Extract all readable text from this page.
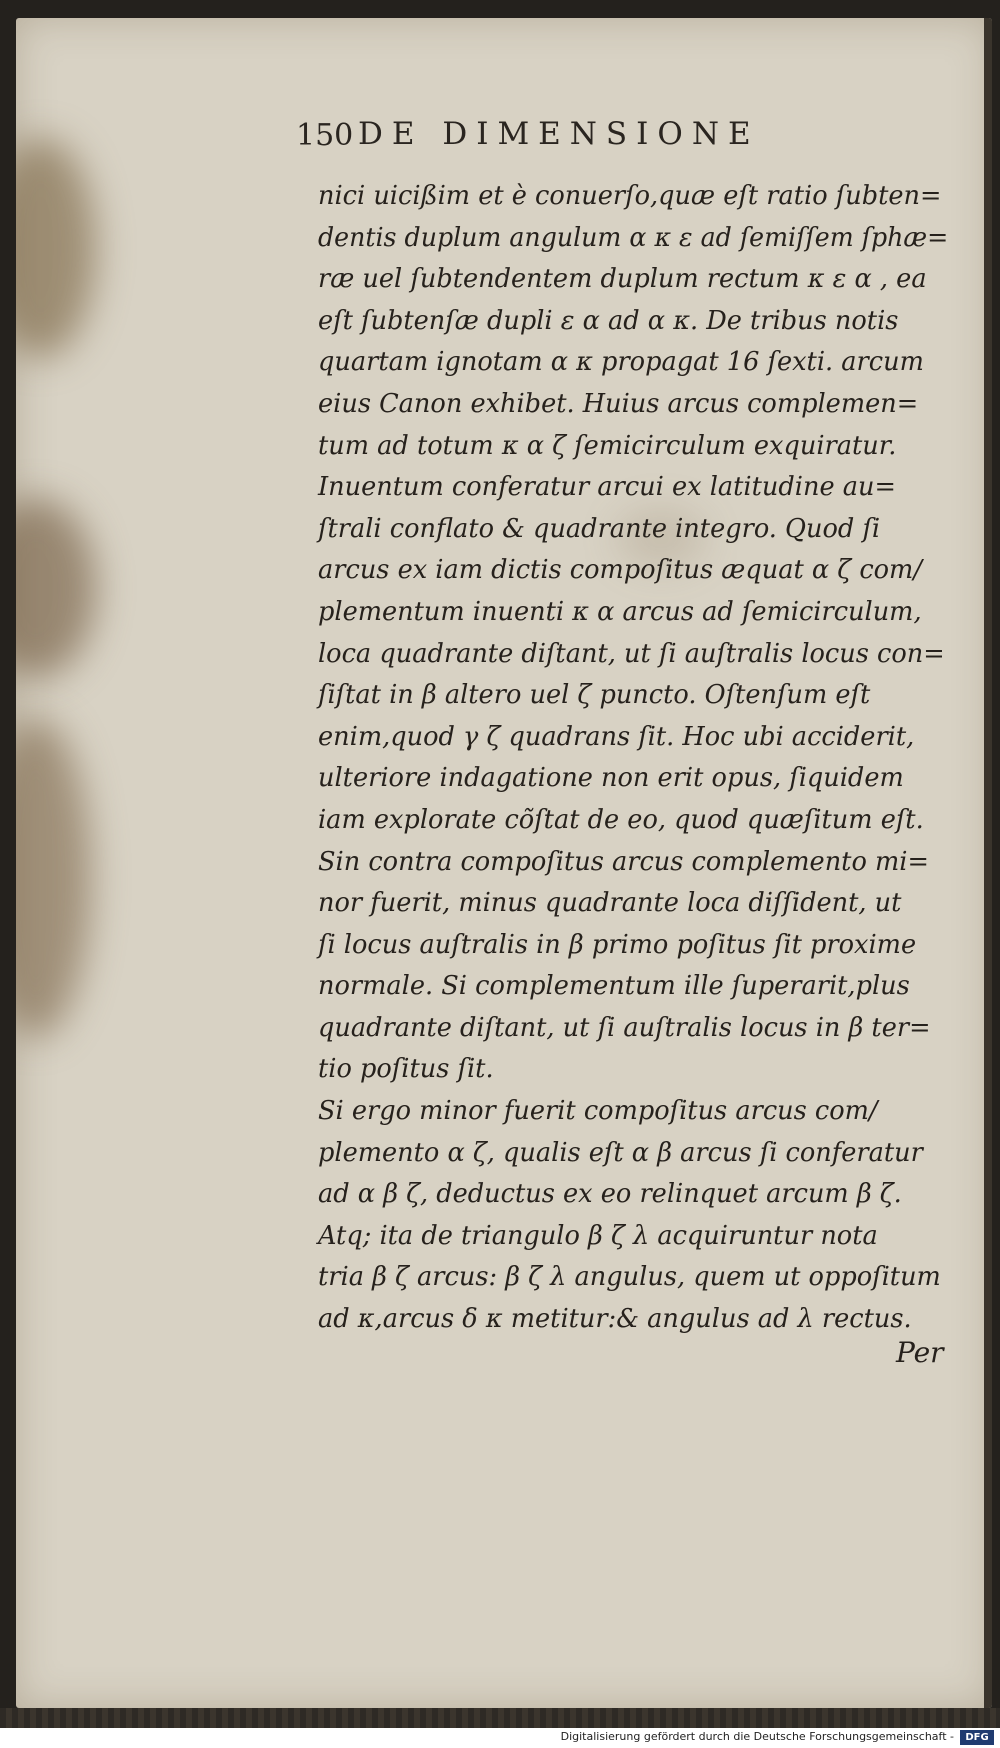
150 DE DIMENSIONE
nici uicißim et è conuerſo,quæ eſt ratio ſubten=
dentis duplum angulum α κ ε ad ſemiſſem ſphæ=
ræ uel ſubtendentem duplum rectum κ ε α , ea
eſt ſubtenſæ dupli ε α ad α κ. De tribus notis
quartam ignotam α κ propagat 16 ſexti. arcum
eius Canon exhibet. Huius arcus complemen=
tum ad totum κ α ζ ſemicirculum exquiratur.
Inuentum conferatur arcui ex latitudine au=
ſtrali conflato & quadrante integro. Quod ſi
arcus ex iam dictis compoſitus æquat α ζ com/
plementum inuenti κ α arcus ad ſemicirculum,
loca quadrante diſtant, ut ſi auſtralis locus con=
ſiſtat in β altero uel ζ puncto. Oſtenſum eſt
enim,quod γ ζ quadrans ſit. Hoc ubi acciderit,
ulteriore indagatione non erit opus, ſiquidem
iam explorate cõſtat de eo, quod quæſitum eſt.
Sin contra compoſitus arcus complemento mi=
nor fuerit, minus quadrante loca diſſident, ut
ſi locus auſtralis in β primo poſitus ſit proxime
normale. Si complementum ille ſuperarit,plus
quadrante diſtant, ut ſi auſtralis locus in β ter=
tio poſitus ſit.
Si ergo minor fuerit compoſitus arcus com/
plemento α ζ, qualis eſt α β arcus ſi conferatur
ad α β ζ, deductus ex eo relinquet arcum β ζ.
Atq; ita de triangulo β ζ λ acquiruntur nota
tria β ζ arcus: β ζ λ angulus, quem ut oppoſitum
ad κ,arcus δ κ metitur:& angulus ad λ rectus.
Per
Digitalisierung gefördert durch die Deutsche Forschungsgemeinschaft -	DFG
